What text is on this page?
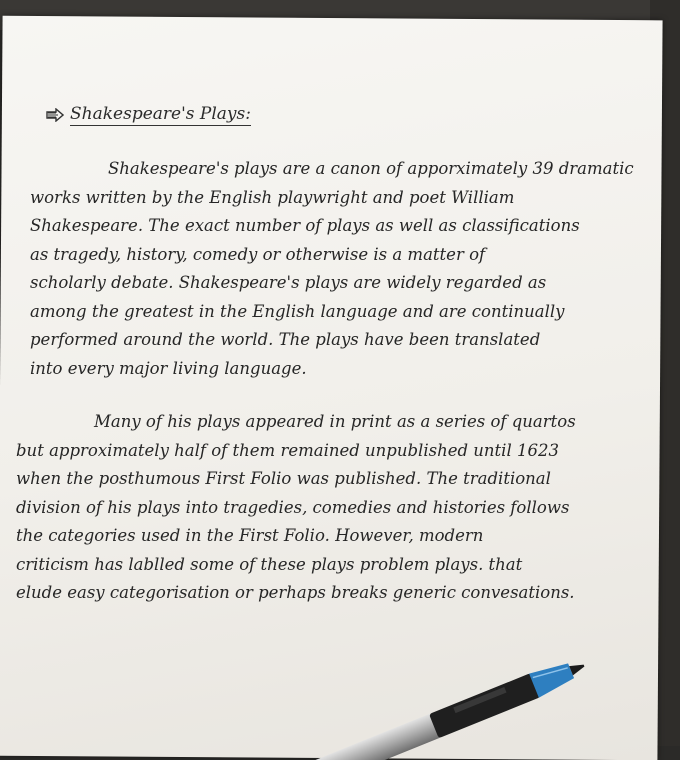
Shakespeare's Plays:
Shakespeare's plays are a canon of apporximately 39 dramatic
works written by the English playwright and poet William
Shakespeare. The exact number of plays as well as classifications
as tragedy, history, comedy or otherwise is a matter of
scholarly debate. Shakespeare's plays are widely regarded as
among the greatest in the English language and are continually
performed around the world. The plays have been translated
into every major living language.
Many of his plays appeared in print as a series of quartos
but approximately half of them remained unpublished until 1623
when the posthumous First Folio was published. The traditional
division of his plays into tragedies, comedies and histories follows
the categories used in the First Folio. However, modern
criticism has lablled some of these plays problem plays. that
elude easy categorisation or perhaps breaks generic convesations.
